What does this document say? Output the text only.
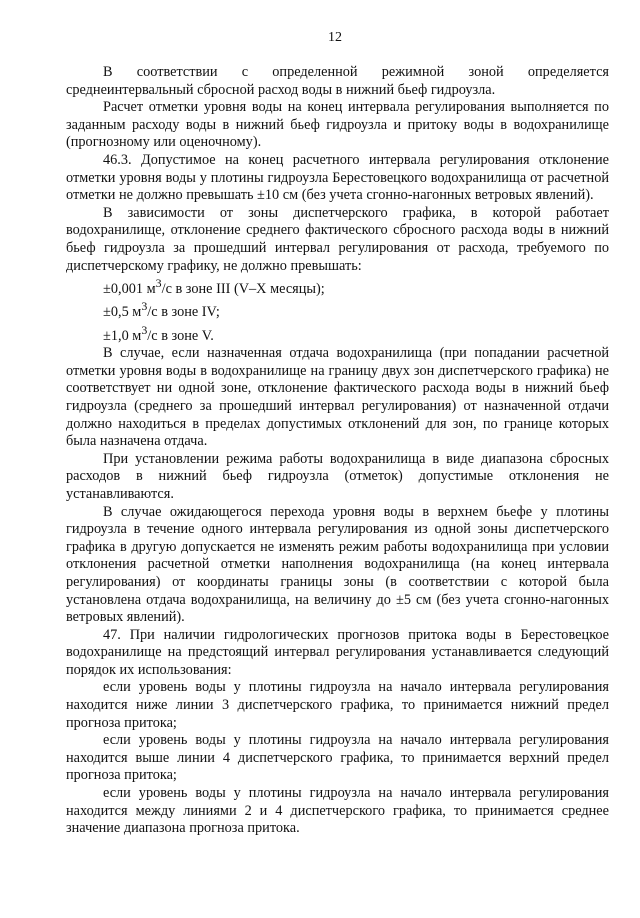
12

В соответствии с определенной режимной зоной определяется среднеинтервальный сбросной расход воды в нижний бьеф гидроузла.

Расчет отметки уровня воды на конец интервала регулирования выполняется по заданным расходу воды в нижний бьеф гидроузла и притоку воды в водохранилище (прогнозному или оценочному).

46.3. Допустимое на конец расчетного интервала регулирования отклонение отметки уровня воды у плотины гидроузла Берестовецкого водохранилища от расчетной отметки не должно превышать ±10 см (без учета сгонно-нагонных ветровых явлений).

В зависимости от зоны диспетчерского графика, в которой работает водохранилище, отклонение среднего фактического сбросного расхода воды в нижний бьеф гидроузла за прошедший интервал регулирования от расхода, требуемого по диспетчерскому графику, не должно превышать:

±0,001 $м^3/с$ в зоне III (V–X месяцы);
±0,5 $м^3/с$ в зоне IV;
±1,0 $м^3/с$ в зоне V.

В случае, если назначенная отдача водохранилища (при попадании расчетной отметки уровня воды в водохранилище на границу двух зон диспетчерского графика) не соответствует ни одной зоне, отклонение фактического расхода воды в нижний бьеф гидроузла (среднего за прошедший интервал регулирования) от назначенной отдачи должно находиться в пределах допустимых отклонений для зон, по границе которых была назначена отдача.

При установлении режима работы водохранилища в виде диапазона сбросных расходов в нижний бьеф гидроузла (отметок) допустимые отклонения не устанавливаются.

В случае ожидающегося перехода уровня воды в верхнем бьефе у плотины гидроузла в течение одного интервала регулирования из одной зоны диспетчерского графика в другую допускается не изменять режим работы водохранилища при условии отклонения расчетной отметки наполнения водохранилища (на конец интервала регулирования) от координаты границы зоны (в соответствии с которой была установлена отдача водохранилища, на величину до ±5 см (без учета сгонно-нагонных ветровых явлений).

47. При наличии гидрологических прогнозов притока воды в Берестовецкое водохранилище на предстоящий интервал регулирования устанавливается следующий порядок их использования:

если уровень воды у плотины гидроузла на начало интервала регулирования находится ниже линии 3 диспетчерского графика, то принимается нижний предел прогноза притока;

если уровень воды у плотины гидроузла на начало интервала регулирования находится выше линии 4 диспетчерского графика, то принимается верхний предел прогноза притока;

если уровень воды у плотины гидроузла на начало интервала регулирования находится между линиями 2 и 4 диспетчерского графика, то принимается среднее значение диапазона прогноза притока.
